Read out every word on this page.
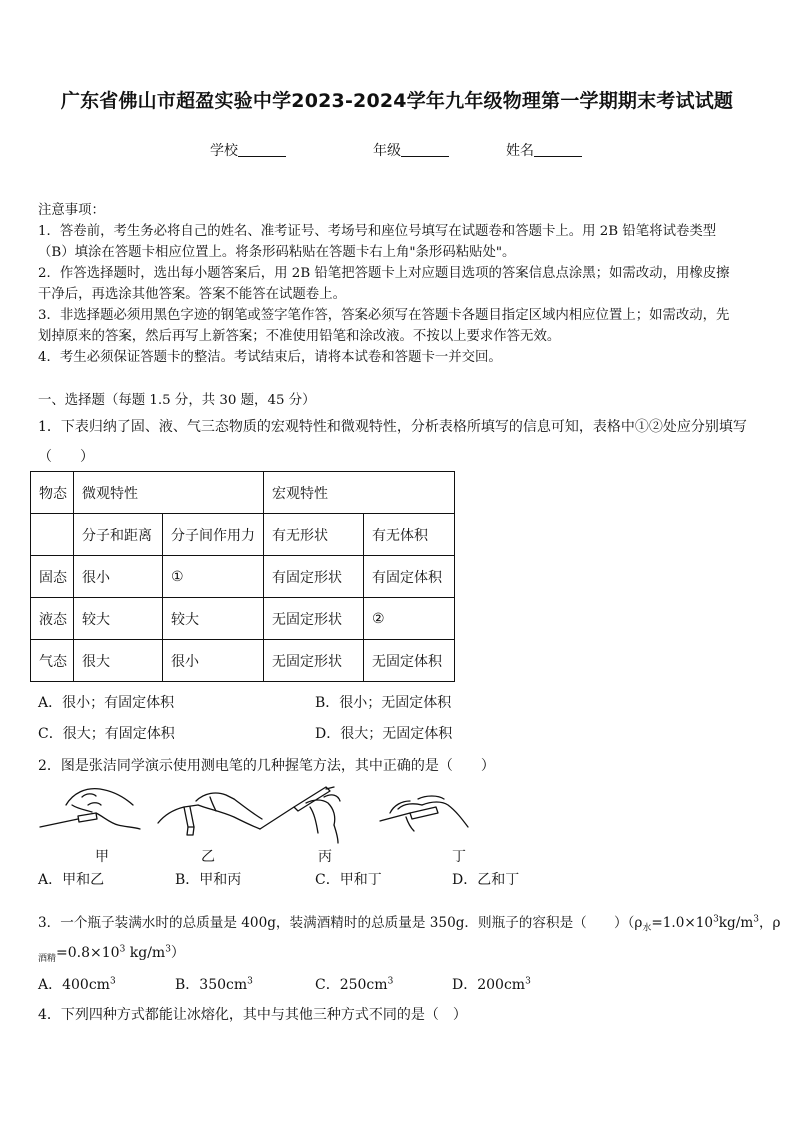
广东省佛山市超盈实验中学2023-2024学年九年级物理第一学期期末考试试题
学校	年级	姓名
注意事项：
1．答卷前，考生务必将自己的姓名、准考证号、考场号和座位号填写在试题卷和答题卡上。用 2B 铅笔将试卷类型
（B）填涂在答题卡相应位置上。将条形码粘贴在答题卡右上角"条形码粘贴处"。
2．作答选择题时，选出每小题答案后，用 2B 铅笔把答题卡上对应题目选项的答案信息点涂黑；如需改动，用橡皮擦
干净后，再选涂其他答案。答案不能答在试题卷上。
3．非选择题必须用黑色字迹的钢笔或签字笔作答，答案必须写在答题卡各题目指定区域内相应位置上；如需改动，先
划掉原来的答案，然后再写上新答案；不准使用铅笔和涂改液。不按以上要求作答无效。
4．考生必须保证答题卡的整洁。考试结束后，请将本试卷和答题卡一并交回。
一、选择题（每题 1.5 分，共 30 题，45 分）
1．下表归纳了固、液、气三态物质的宏观特性和微观特性，分析表格所填写的信息可知，表格中①②处应分别填写
（　　）
物态	微观特性		宏观特性	
	分子和距离	分子间作用力	有无形状	有无体积
固态	很小	①	有固定形状	有固定体积
液态	较大	较大	无固定形状	②
气态	很大	很小	无固定形状	无固定体积
A．很小；有固定体积	B．很小；无固定体积
C．很大；有固定体积	D．很大；无固定体积
2．图是张洁同学演示使用测电笔的几种握笔方法，其中正确的是（　　）
甲	乙	丙	丁
A．甲和乙	B．甲和丙	C．甲和丁	D．乙和丁
3．一个瓶子装满水时的总质量是 400g，装满酒精时的总质量是 350g．则瓶子的容积是（　　）（$\rho_水=1.0\times 10^3kg/m^3$，ρ
$_{酒精}=0.8\times 10^3$ $kg/m^3$）
A．$400cm^3$	B．$350cm^3$	C．$250cm^3$	D．$200cm^3$
4．下列四种方式都能让冰熔化，其中与其他三种方式不同的是（　）
